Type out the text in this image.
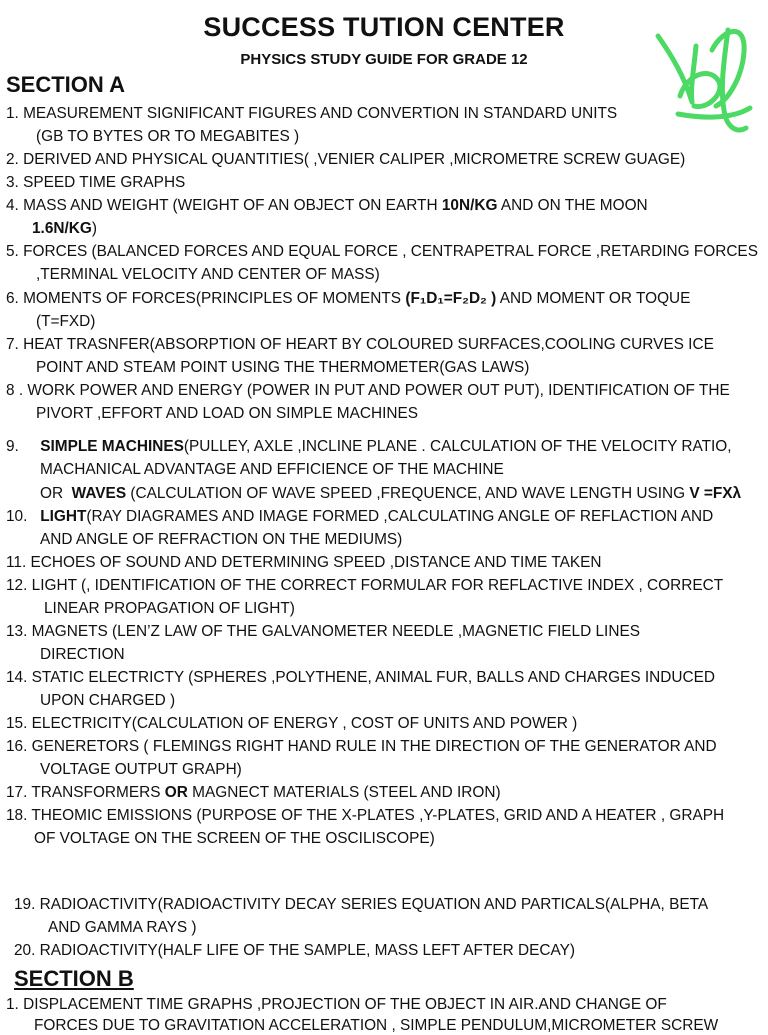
SUCCESS TUTION CENTER
PHYSICS STUDY GUIDE FOR GRADE 12
SECTION A
1. MEASUREMENT SIGNIFICANT FIGURES AND CONVERTION IN STANDARD UNITS
(GB TO BYTES OR TO MEGABITES )
2. DERIVED AND PHYSICAL QUANTITIES( ,VENIER CALIPER ,MICROMETRE SCREW GUAGE)
3. SPEED TIME GRAPHS
4. MASS AND WEIGHT (WEIGHT OF AN OBJECT ON EARTH 10N/KG AND ON THE MOON
1.6N/KG)
5. FORCES (BALANCED FORCES AND EQUAL FORCE , CENTRAPETRAL FORCE ,RETARDING FORCES
,TERMINAL VELOCITY AND CENTER OF MASS)
6. MOMENTS OF FORCES(PRINCIPLES OF MOMENTS (F₁D₁=F₂D₂ ) AND MOMENT OR TOQUE
(T=FXD)
7. HEAT TRASNFER(ABSORPTION OF HEART BY COLOURED SURFACES,COOLING CURVES ICE
POINT AND STEAM POINT USING THE THERMOMETER(GAS LAWS)
8 . WORK POWER AND ENERGY (POWER IN PUT AND POWER OUT PUT), IDENTIFICATION OF THE
PIVORT ,EFFORT AND LOAD ON SIMPLE MACHINES
9.     SIMPLE MACHINES(PULLEY, AXLE ,INCLINE PLANE . CALCULATION OF THE VELOCITY RATIO,
MACHANICAL ADVANTAGE AND EFFICIENCE OF THE MACHINE
OR  WAVES (CALCULATION OF WAVE SPEED ,FREQUENCE, AND WAVE LENGTH USING V =FXλ
10.   LIGHT(RAY DIAGRAMES AND IMAGE FORMED ,CALCULATING ANGLE OF REFLACTION AND
AND ANGLE OF REFRACTION ON THE MEDIUMS)
11. ECHOES OF SOUND AND DETERMINING SPEED ,DISTANCE AND TIME TAKEN
12. LIGHT (, IDENTIFICATION OF THE CORRECT FORMULAR FOR REFLACTIVE INDEX , CORRECT
LINEAR PROPAGATION OF LIGHT)
13. MAGNETS (LEN’Z LAW OF THE GALVANOMETER NEEDLE ,MAGNETIC FIELD LINES
DIRECTION
14. STATIC ELECTRICTY (SPHERES ,POLYTHENE, ANIMAL FUR, BALLS AND CHARGES INDUCED
UPON CHARGED )
15. ELECTRICITY(CALCULATION OF ENERGY , COST OF UNITS AND POWER )
16. GENERETORS ( FLEMINGS RIGHT HAND RULE IN THE DIRECTION OF THE GENERATOR AND
VOLTAGE OUTPUT GRAPH)
17. TRANSFORMERS OR MAGNECT MATERIALS (STEEL AND IRON)
18. THEOMIC EMISSIONS (PURPOSE OF THE X-PLATES ,Y-PLATES, GRID AND A HEATER , GRAPH
OF VOLTAGE ON THE SCREEN OF THE OSCILISCOPE)
19. RADIOACTIVITY(RADIOACTIVITY DECAY SERIES EQUATION AND PARTICALS(ALPHA, BETA
AND GAMMA RAYS )
20. RADIOACTIVITY(HALF LIFE OF THE SAMPLE, MASS LEFT AFTER DECAY)
SECTION B
1. DISPLACEMENT TIME GRAPHS ,PROJECTION OF THE OBJECT IN AIR.AND CHANGE OF
FORCES DUE TO GRAVITATION ACCELERATION , SIMPLE PENDULUM,MICROMETER SCREW
